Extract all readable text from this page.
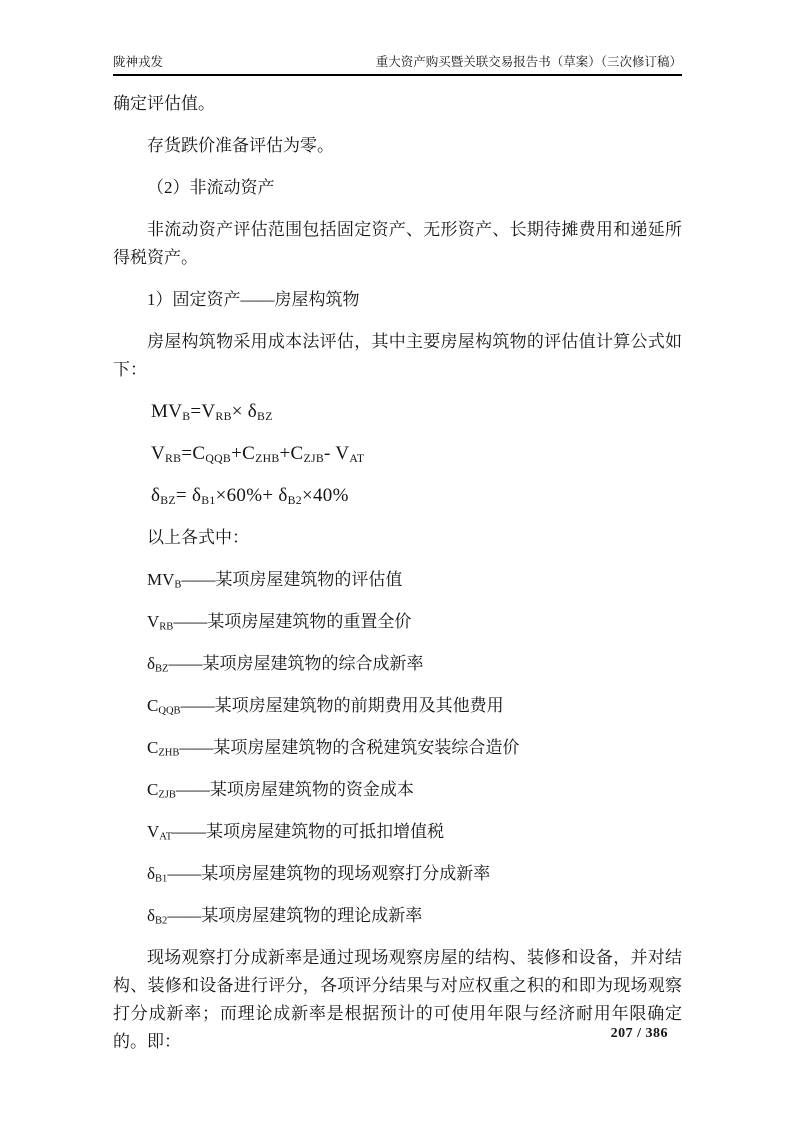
陇神戎发	重大资产购买暨关联交易报告书（草案）（三次修订稿）

确定评估值。

存货跌价准备评估为零。

（2）非流动资产

非流动资产评估范围包括固定资产、无形资产、长期待摊费用和递延所得税资产。

1）固定资产——房屋构筑物

房屋构筑物采用成本法评估，其中主要房屋构筑物的评估值计算公式如下：

$MV_B=V_{RB}\times \delta_{BZ}$

$V_{RB}=C_{QQB}+C_{ZHB}+C_{ZJB}-$ $V_{AT}$

$\delta_{BZ}= \delta_{B1}\times 60\%+ \delta_{B2}\times 40\%$

以上各式中：

$MV_B——$某项房屋建筑物的评估值

$V_{RB}——$某项房屋建筑物的重置全价

$\delta_{BZ}——$某项房屋建筑物的综合成新率

$C_{QQB}——$某项房屋建筑物的前期费用及其他费用

$C_{ZHB}——$某项房屋建筑物的含税建筑安装综合造价

$C_{ZJB}——$某项房屋建筑物的资金成本

$V_{AT}——$某项房屋建筑物的可抵扣增值税

$\delta_{B1}——$某项房屋建筑物的现场观察打分成新率

$\delta_{B2}——$某项房屋建筑物的理论成新率

现场观察打分成新率是通过现场观察房屋的结构、装修和设备，并对结构、装修和设备进行评分，各项评分结果与对应权重之积的和即为现场观察打分成新率；而理论成新率是根据预计的可使用年限与经济耐用年限确定的。即：	207 / 386
